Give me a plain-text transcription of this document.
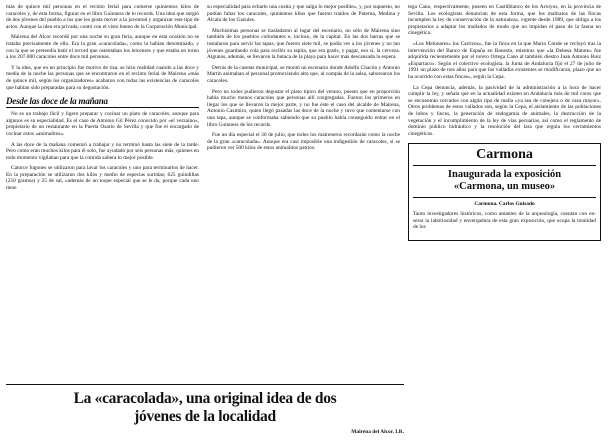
más de quince mil personas en el recinto ferial para comerse quinientos kilos de caracoles y, de esta forma, figurar en el libro Guinness de lo records. Una idea que surgió de dos jóvenes del pueblo a los que les gusta mover a la juventud y organizar este tipo de actos. Aunque la idea era privada, contó con el visto bueno de la Corporación Municipal.

Mairena del Alcor recordó por una noche su gran feria, aunque en esta ocasión no se trataba precisamente de ello. Era la gran «caracolada», como la habían denominado, y con la que se pretendía batir el record que ostentaban los leicenses y que estaba en torno a los 207.000 caracoles entre doce mil personas.

Y la idea, que en un principio fue motivo de risa, se hizo realidad cuando a las doce y media de la noche las personas que se encontraron en el recinto ferial de Mairena «más de quince mil, según los organizadores» acabaron con todas las existencias de caracoles que habían sido preparadas para su degustación.

Desde las doce de la mañana

No es un trabajo fácil y ligero preparar y cocinar un plato de caracoles, aunque para algunos es su especialidad. Es el caso de Antonio Gil Pérez conocido por «el verzaíno», propietario de un restaurante en la Puerta Osario de Sevilla y que fue el encargado de cocinar estos «animalitos».

A las doce de la mañana comenzó a trabajar y no terminó hasta las siete de la tarde. Pero como eran muchos kilos para él solo, fue ayudado por seis personas más, quienes en todo momento vigilaban para que la comida saliera lo mejor posible.

Catorce fogones se utilizaron para lavar los caracoles y uno para terminarlos de hacer. En la preparación se utilizaron dos kilos y medio de especias surtidas; 625 guindillas (250 gramos) y 25 de sal, «además de un toque especial que se le da, porque cada uno tiene

su especialidad para echarle una cosita y que salga lo mejor posible», y, por supuesto, no podían faltar los caracoles, quinientos kilos que fueron traídos de Paterna, Medina y Alcalá de los Gazules.

Muchísimas personas se trasladaron al lugar del escenario, no sólo de Mairena sino también de los pueblos colindantes e, incluso, de la capital. En las dos barras que se instalaron para servir las tapas, que fueron siete mil, se podía ver a los jóvenes y no tan jóvenes guardando cola para recibir su tapita, que era gratis, y pagar, eso sí, la cerveza. Algunos, además, se llevaron la butaca de la playa para hacer más descansada la espera.

Detrás de la casetas municipal, se montó un escenario donde Adolfo Chacón y Antonio Martín animaban al personal promoviendo alto que, al compás de la salsa, saborearon los caracoles.

Pero no todos pudieron degustar el plato típico del verano, puesto que en proporción había mucho menos caracoles que personas allí congregadas. Fueron los primeros en llegar los que se llevaron la mejor parte, y no fue éste el caso del alcalde de Mairena, Antonio Casimiro, quien llegó pasadas las doce de la noche y tuvo que contentarse con una tapa, aunque se conformaba sabiendo que su pueblo había conseguido entrar en el libro Guinness de los records.

Fue un día especial el 30 de julio, que todos los maireneros recordarán como la noche de la gran «caracolada». Aunque era casi imposible una indigestión de caracoles, sí se pudieron ver 500 kilos de estos animalitos patrios.

tega Cano, respectivamente, poseen en Castilblanco de los Arroyos, en la provincia de Sevilla. Los ecologistas denuncian de esta forma, que los maltratos de las fincas incumplen la ley de conservación de la naturaleza, vigente desde 1989, que obliga a los propietarios a adaptar los mallados de modo que no impidan el paso de la fauna no cinegética.

«Los Melonares» los Carrizos», fue la finca en la que Mario Conde se recluyó tras la intervención del Banco de España en Banesto, mientras que «la Dehesa Matute» fue adquirida recientemente por el torero Ortega Cano al también diestro Juan Antonio Ruiz «Espartaco». Según el colectivo ecologista, la Junta de Andalucía fijó el 27 de julio de 1991 un plazo de tres años para que los vallados existentes se modificaran, plazo que no ha ocurrido con estas fincas», según la Cepa.

La Cepa denuncia, además, la pasividad de la administración a la hora de hacer cumplir la ley, y señala que en la actualidad existen en Andalucía más de mil cotos que se encuentran cercados con algún tipo de malla «ya sea de conejera o de caza mayor». Otros problemas de estos vallados son, según la Cepa, el aislamiento de las poblaciones de lobos y linces, la generación de endogamia de animales, la destrucción de la vegetación y el incumplimiento de la ley de vías pecuarias, así como el reglamento de dominio público hidráulico y la resolución del lara que regula los cerramientos cinegéticos.

Carmona
Inaugurada la exposición
«Carmona, un museo»
Carmona. Carlos Guisado

Tanto investigadores históricos, como amantes de la arqueología, cuentan con en-serar la laboriosidad y enverqadura de esta gran exposición, que ocupa la totalidad de los

La «caracolada», una original idea de dos
jóvenes de la localidad
Mairena del Alcor. I.R.
